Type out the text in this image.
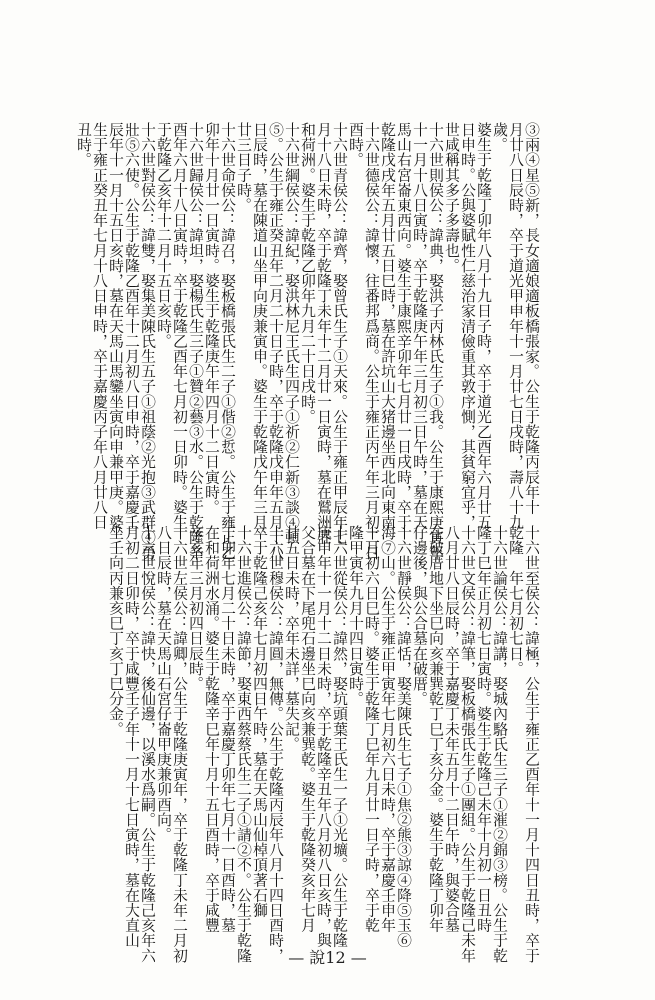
③兩④星⑤新，長女適娘適板橋張家。公生于乾隆丙辰年十
月廿八日辰時，卒于道光甲申年十一月廿七日戌時，壽八十九
歲。
婆生于乾隆丁卯年八月十九日子時，卒于道光乙酉年六月廿五
日申時。公與婆賦性仁慈治家清儉重其敦序惻，其貧窮宜乎，
世咸稱其多子多壽也。
十六世則侯公：諱典，娶洪子丙林氏生子①我。公生于康熙庚寅年
十一月十八日寅時，卒于乾隆庚午年三月初三日午時，墓在天
馬山右宮崙東西向。婆生于康熙辛卯年七月廿一日戌時，卒于
乾隆戊戌年五月廿五日巳時，墓在許坑山大猪邊坐西北向東南
十六世德侯公：諱懷，往番邦爲商。公生于雍正丙午年三月初二日
酉時。
十六世青侯公：諱齊，娶曾氏生子①天來。公生于雍正甲辰年七
月十八日未時，卒于乾隆丁未年十二月廿一日寅時，墓在鷲洲莊
和荷洲。婆生于乾隆乙卯年九月二十日戌時。
十六世綱侯公：諱紀，娶洪林尼王氏生四子①祈②仁新③談④頓
⑤。公生于雍正癸丑年二月二十日子時，卒于乾隆戊申年五月十八
日辰時，墓在陳道山坐甲向庚兼寅申。婆生于乾隆戊午年三月
廿三日子時。
十六世命侯公：諱召，娶板橋張氏生二子①偕②悊。公生于雍正乙
卯年十月廿一日寅時。婆生于乾隆庚午年四月十二日寅時。
十六世歸侯公：諱坦，娶楊氏生三子①贊②藝③水。公生于乾隆辛
酉年六月十八日寅時，卒于乾隆乙酉年七月初一日卯時。婆生
于乾隆乙亥年十二月十五日亥時。
十六世對侯公：諱雙，娶集美陳氏生五子①祖蔭②光抱③武群④勇
壯⑤六使。公生于乾隆乙酉年十二月初八日申時，卒于嘉慶壬
辰年十一月十五日亥時，墓在天馬山馬鑾坐寅向申兼甲庚。婆
生于雍正癸丑年七月十八日申時，卒于嘉慶丙子年八月廿八日
丑時。
十六世至侯公：諱極，公生于雍正乙酉年十一月十四日丑時，卒于
乾隆　年七月初七日。
十六世論侯公：諱講，娶城內駱氏生三子①漼②錦③榜。公生于乾
隆丁巳年正月初七日寅時。婆生于乾隆己未年十月初一日丑時
十六世文侯公：諱筆，娶板橋張氏生子①團組。公生于乾隆己未年
八月廿八日辰時，卒于嘉慶丁未年五月十二日午時，與婆合墓
在破厝地下坐巳向亥兼巽乾丁巳丁亥分金。婆生于乾隆丁卯年
仔邊後，與公合墓在破厝。
十六世靜侯公：諱恬，娶美陳氏生七子①焦②熊③諒④降⑤玉⑥
海⑦山。公生于雍正甲寅年七月初六日未時，卒于嘉慶壬申年
十月初六日巳時。婆生于乾隆丁巳年九月廿一日子時，卒于乾
隆甲寅年九月十四日寅時。
十六世從侯公：諱然，娶坑頭葉王氏生一子①光壙。公生于乾隆
庚申年十一月十二日未時，卒于乾隆辛丑年八月初八日亥時，與
父合墓在下尾兜石邊坐巳向亥兼巽乾。婆生于乾隆癸亥年七月
廿五日未時，卒年未詳，墓失記。
十六世穆侯公：諱圓，無傳。公生于乾隆丙辰年八月十四日酉時，
卒于乾隆己亥年七月初四日午時，墓在天馬山仙棹頂著石獅
十六世進侯公：諱節，娶東西蔡蔡氏生二子①請②不。公生于乾隆
丁卯年七月二十日未時，卒于嘉慶丁卯年七月十一日酉時，墓
在和荷洲水涌。婆生于乾隆辛巳年十月十五日酉時，卒于咸豐
辛亥年三月初四日辰時。
十六世左侯公：諱卿，公生于乾隆庚寅年，卒于乾隆丁未年二月初
八日辰時，墓在天馬山石宮仔崙甲庚兼卯酉向。
十六世悅侯公：諱快，後仙邊，以溪水爲嗣。公生于乾隆己亥年六
月初二日卯時，卒于咸豐壬子年十一月十七日寅時，墓在大直山
坐壬向丙兼亥巳丁亥丁巳分金。
— 說12 —
